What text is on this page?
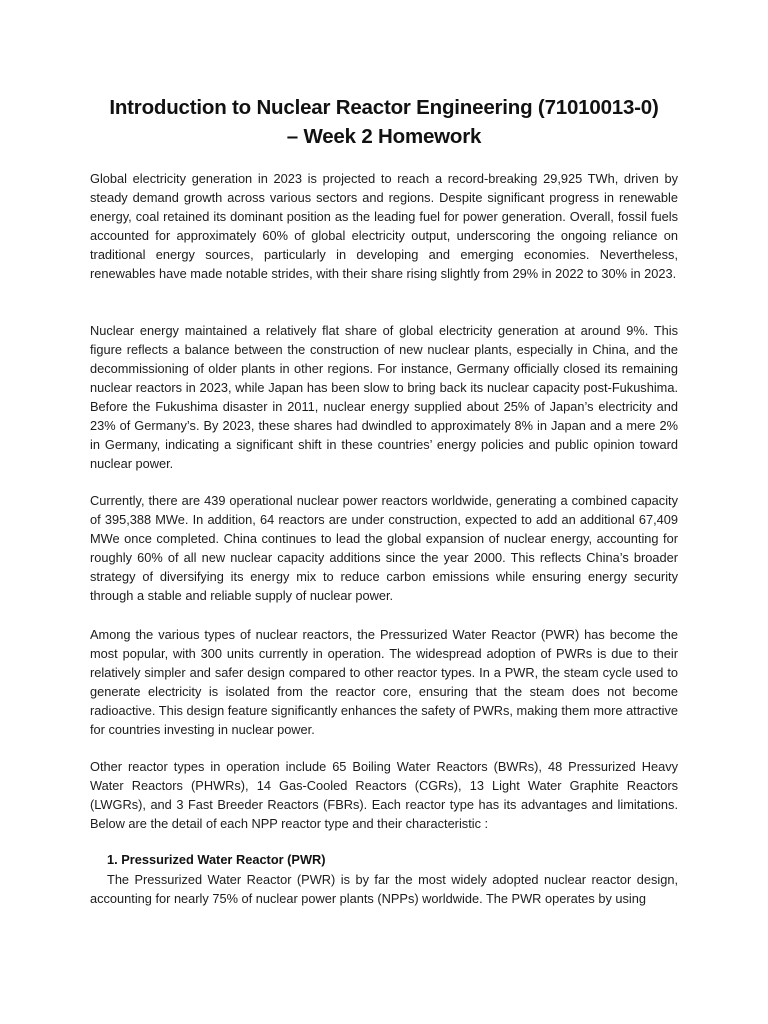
Introduction to Nuclear Reactor Engineering (71010013-0)
– Week 2 Homework

Global electricity generation in 2023 is projected to reach a record-breaking 29,925 TWh, driven by steady demand growth across various sectors and regions. Despite significant progress in renewable energy, coal retained its dominant position as the leading fuel for power generation. Overall, fossil fuels accounted for approximately 60% of global electricity output, underscoring the ongoing reliance on traditional energy sources, particularly in developing and emerging economies. Nevertheless, renewables have made notable strides, with their share rising slightly from 29% in 2022 to 30% in 2023.

Nuclear energy maintained a relatively flat share of global electricity generation at around 9%. This figure reflects a balance between the construction of new nuclear plants, especially in China, and the decommissioning of older plants in other regions. For instance, Germany officially closed its remaining nuclear reactors in 2023, while Japan has been slow to bring back its nuclear capacity post-Fukushima. Before the Fukushima disaster in 2011, nuclear energy supplied about 25% of Japan’s electricity and 23% of Germany’s. By 2023, these shares had dwindled to approximately 8% in Japan and a mere 2% in Germany, indicating a significant shift in these countries’ energy policies and public opinion toward nuclear power.

Currently, there are 439 operational nuclear power reactors worldwide, generating a combined capacity of 395,388 MWe. In addition, 64 reactors are under construction, expected to add an additional 67,409 MWe once completed. China continues to lead the global expansion of nuclear energy, accounting for roughly 60% of all new nuclear capacity additions since the year 2000. This reflects China’s broader strategy of diversifying its energy mix to reduce carbon emissions while ensuring energy security through a stable and reliable supply of nuclear power.

Among the various types of nuclear reactors, the Pressurized Water Reactor (PWR) has become the most popular, with 300 units currently in operation. The widespread adoption of PWRs is due to their relatively simpler and safer design compared to other reactor types. In a PWR, the steam cycle used to generate electricity is isolated from the reactor core, ensuring that the steam does not become radioactive. This design feature significantly enhances the safety of PWRs, making them more attractive for countries investing in nuclear power.

Other reactor types in operation include 65 Boiling Water Reactors (BWRs), 48 Pressurized Heavy Water Reactors (PHWRs), 14 Gas-Cooled Reactors (CGRs), 13 Light Water Graphite Reactors (LWGRs), and 3 Fast Breeder Reactors (FBRs). Each reactor type has its advantages and limitations. Below are the detail of each NPP reactor type and their characteristic :

1. Pressurized Water Reactor (PWR)

The Pressurized Water Reactor (PWR) is by far the most widely adopted nuclear reactor design, accounting for nearly 75% of nuclear power plants (NPPs) worldwide. The PWR operates by using
